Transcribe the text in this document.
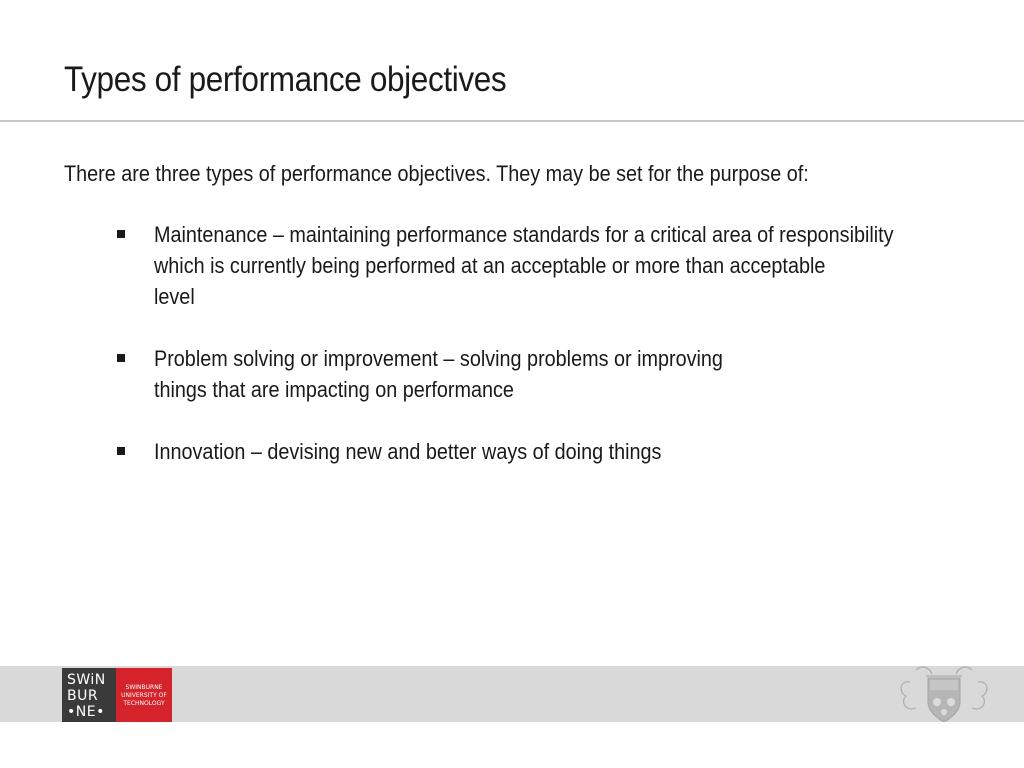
Types of performance objectives

There are three types of performance objectives. They may be set for the purpose of:

Maintenance – maintaining performance standards for a critical area of responsibility
which is currently being performed at an acceptable or more than acceptable
level
Problem solving or improvement – solving problems or improving
things that are impacting on performance
Innovation – devising new and better ways of doing things
SWiN
BUR
•NE•
SWINBURNE
UNIVERSITY OF
TECHNOLOGY
